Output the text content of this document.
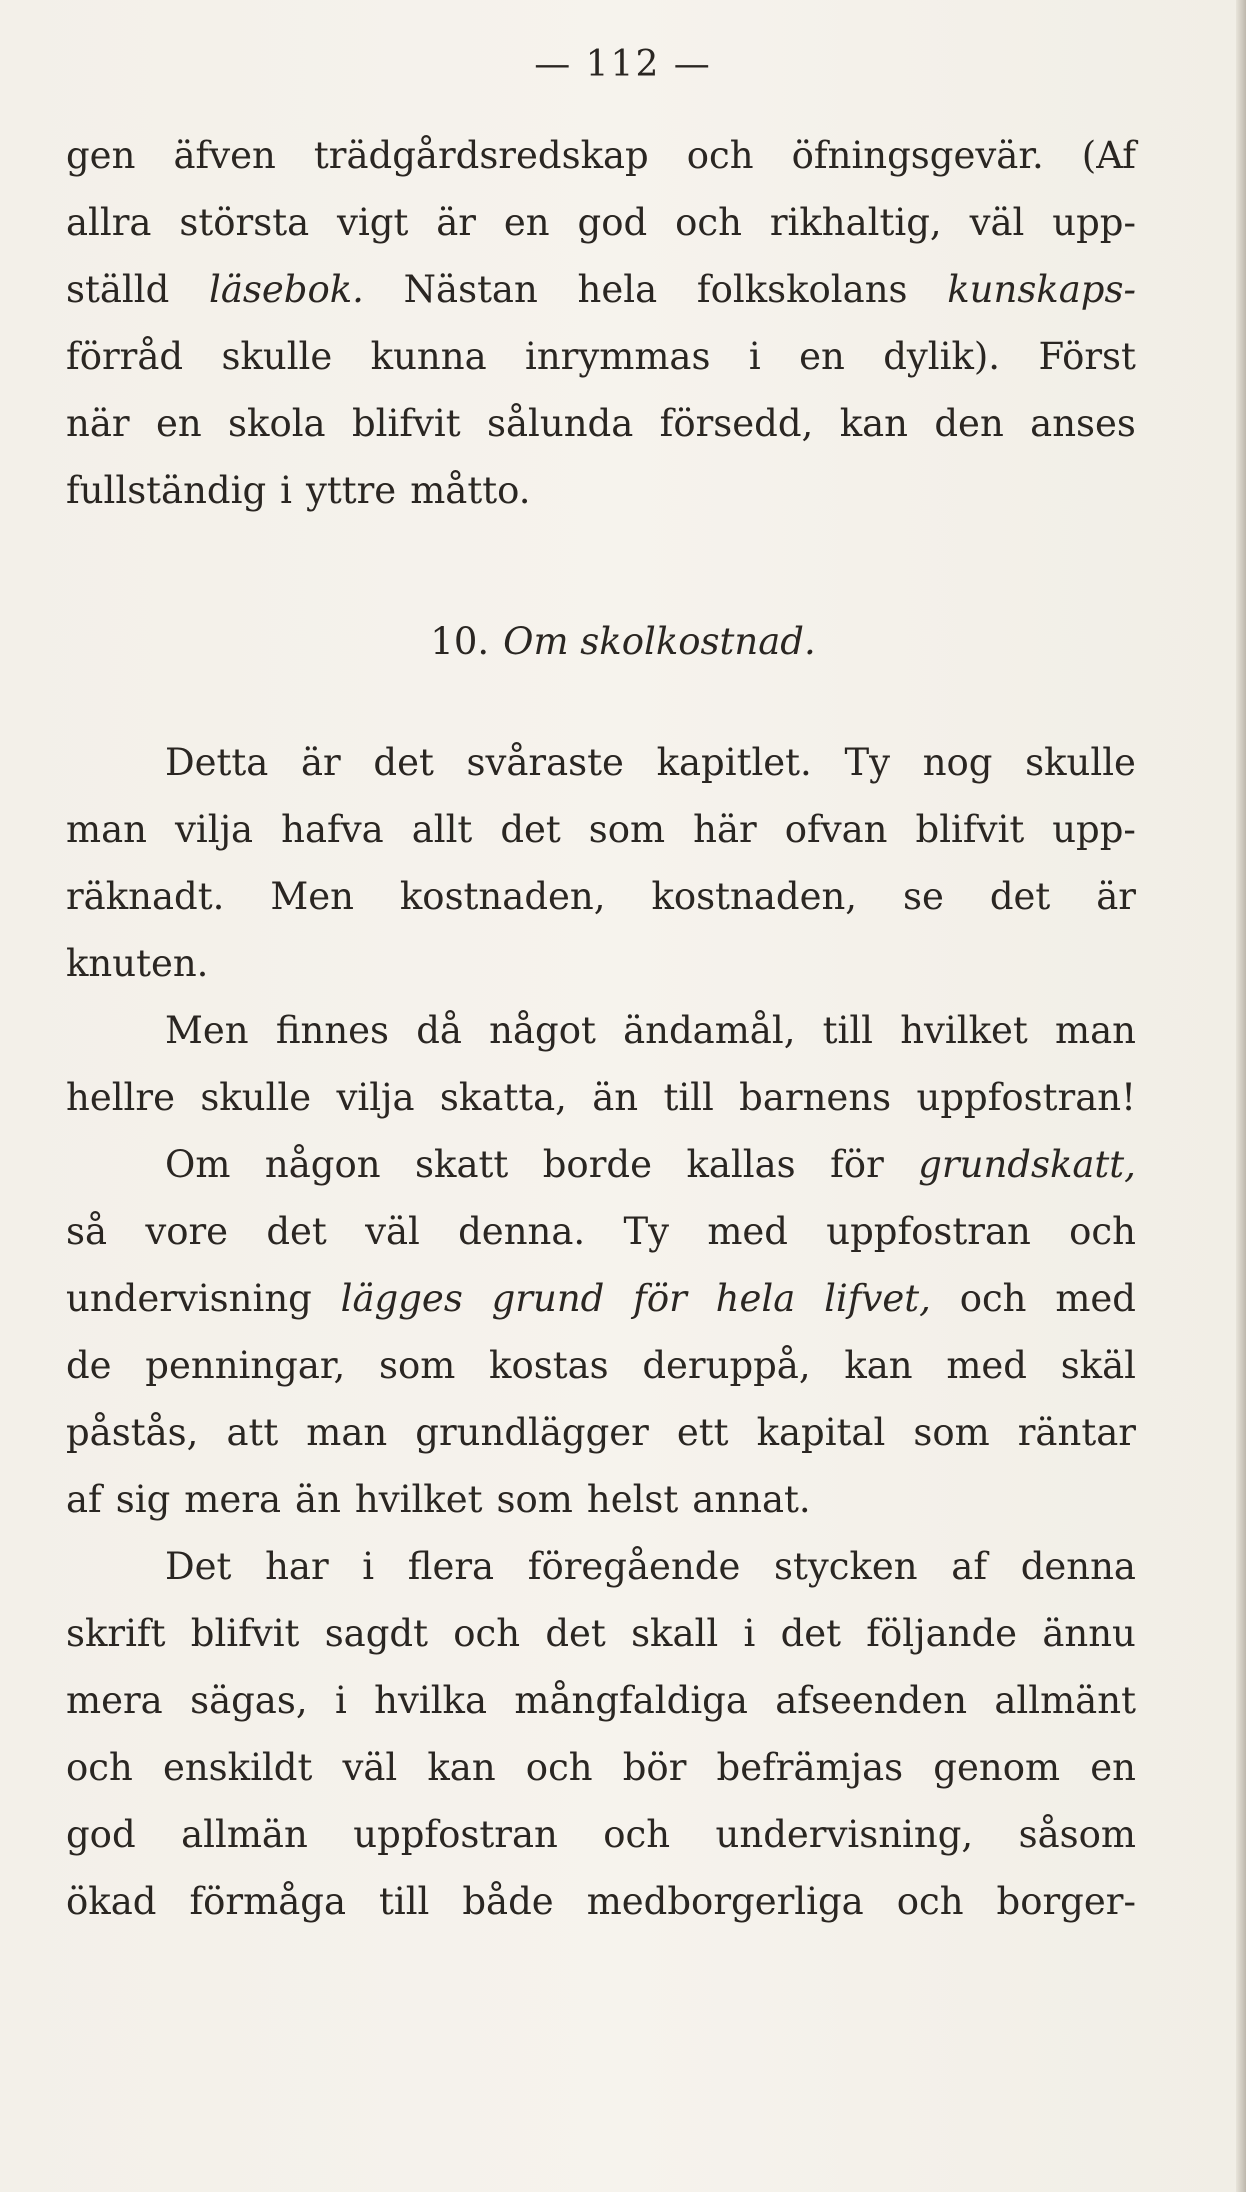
— 112 —
gen äfven trädgårdsredskap och öfningsgevär. (Af
allra största vigt är en god och rikhaltig, väl upp-
ställd läsebok. Nästan hela folkskolans kunskaps-
förråd skulle kunna inrymmas i en dylik). Först
när en skola blifvit sålunda försedd, kan den anses
fullständig i yttre måtto.
10. Om skolkostnad.
Detta är det svåraste kapitlet. Ty nog skulle
man vilja hafva allt det som här ofvan blifvit upp-
räknadt. Men kostnaden, kostnaden, se det är
knuten.
Men finnes då något ändamål, till hvilket man
hellre skulle vilja skatta, än till barnens uppfostran!
Om någon skatt borde kallas för grundskatt,
så vore det väl denna. Ty med uppfostran och
undervisning lägges grund för hela lifvet, och med
de penningar, som kostas deruppå, kan med skäl
påstås, att man grundlägger ett kapital som räntar
af sig mera än hvilket som helst annat.
Det har i flera föregående stycken af denna
skrift blifvit sagdt och det skall i det följande ännu
mera sägas, i hvilka mångfaldiga afseenden allmänt
och enskildt väl kan och bör befrämjas genom en
god allmän uppfostran och undervisning, såsom
ökad förmåga till både medborgerliga och borger-
